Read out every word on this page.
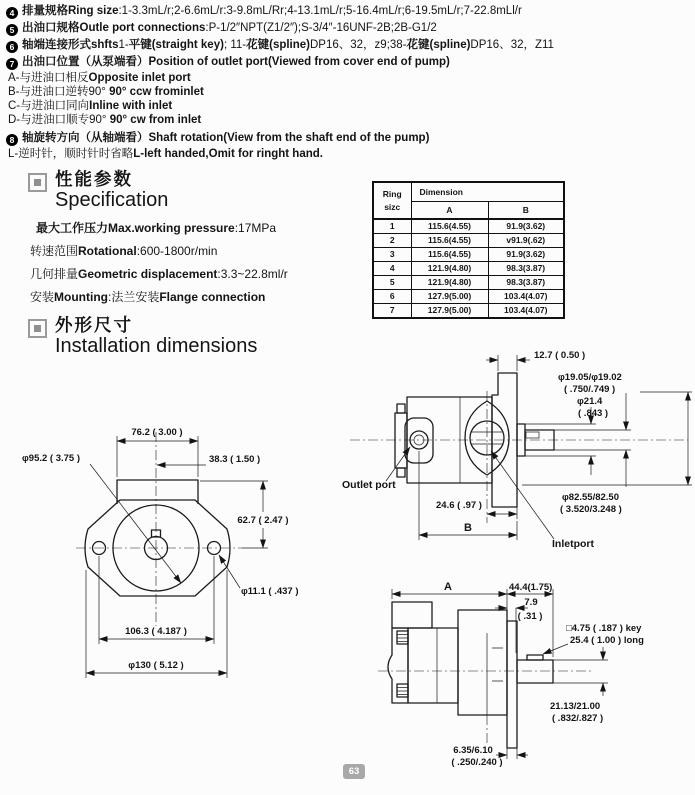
4 排量规格Ring size:1-3.3mL/r;2-6.6mL/r:3-9.8mL/Rr;4-13.1mL/r;5-16.4mL/r;6-19.5mL/r;7-22.8mLl/r
5 出油口规格Outle port connections:P-1/2″NPT(Z1/2″);S-3/4″-16UNF-2B;2B-G1/2
6 轴端连接形式shfts1-平键(straight key); 11-花键(spline)DP16、32，z9;38-花键(spline)DP16、32，Z11
7 出油口位置（从泵端看）Position of outlet port(Viewed from cover end of pump)
A-与进油口相反Opposite inlet port
B-与进油口逆转90° 90° ccw frominlet
C-与进油口同向Inline with inlet
D-与进油口顺专90° 90° cw from inlet
8 轴旋转方向（从轴端看）Shaft rotation(View from the shaft end of the pump)
L-逆时针，顺时针时省略L-left handed,Omit for ringht hand.
性能参数
Specification
最大工作压力Max.working pressure:17MPa
转速范围Rotational:600-1800r/min
几何排量Geometric displacement:3.3~22.8ml/r
安装Mounting:法兰安装Flange connection
Ring sizc	Dimension	
	A	B
1	115.6(4.55)	91.9(3.62)
2	115.6(4.55)	v91.9(.62)
3	115.6(4.55)	91.9(3.62)
4	121.9(4.80)	98.3(3.87)
5	121.9(4.80)	98.3(3.87)
6	127.9(5.00)	103.4(4.07)
7	127.9(5.00)	103.4(4.07)
外形尺寸
Installation dimensions
76.2 ( 3.00 )
φ95.2 ( 3.75 )	38.3 ( 1.50 )
62.7 ( 2.47 )
φ11.1 ( .437 )
106.3 ( 4.187 )
φ130 ( 5.12 )
12.7 ( 0.50 )
φ19.05/φ19.02
( .750/.749 )
φ21.4
( .843 )
Outlet port
24.6 ( .97 )
B
φ82.55/82.50
( 3.520/3.248 )
Inletport
A	44.4(1.75)
7.9
( .31 )
□4.75 ( .187 ) key
25.4 ( 1.00 ) long
21.13/21.00
( .832/.827 )
6.35/6.10
( .250/.240 )
63
